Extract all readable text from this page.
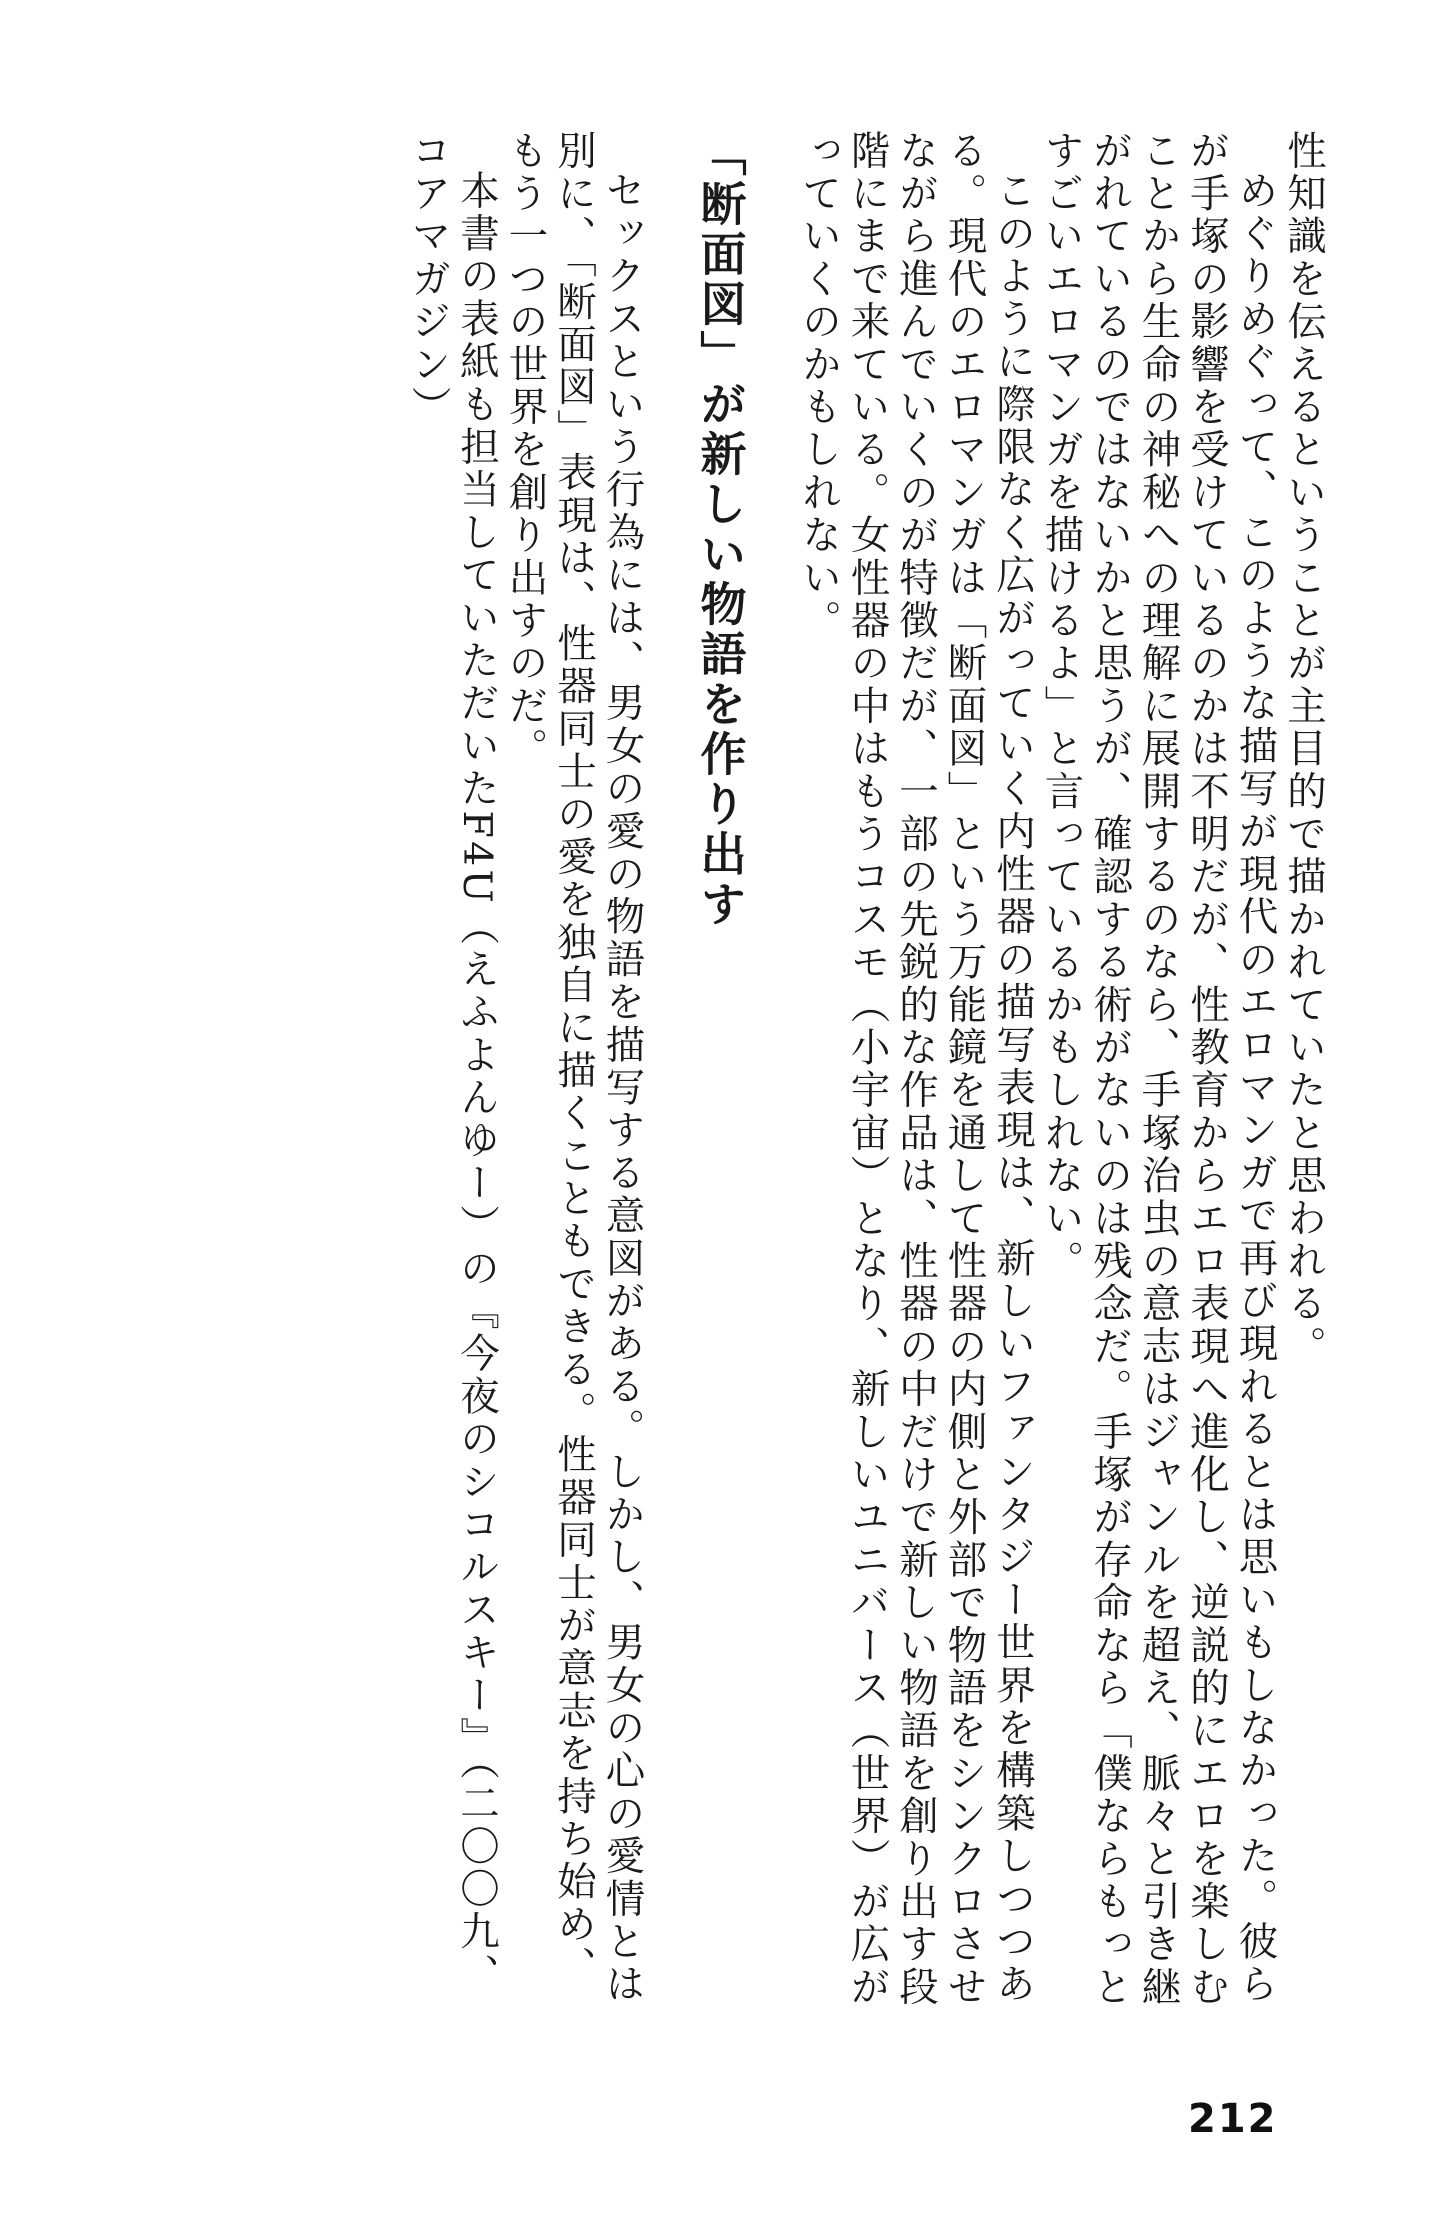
性知識を伝えるということが主目的で描かれていたと思われる。

めぐりめぐって、このような描写が現代のエロマンガで再び現れるとは思いもしなかった。彼らが手塚の影響を受けているのかは不明だが、性教育からエロ表現へ進化し、逆説的にエロを楽しむことから生命の神秘への理解に展開するのなら、手塚治虫の意志はジャンルを超え、脈々と引き継がれているのではないかと思うが、確認する術がないのは残念だ。手塚が存命なら「僕ならもっとすごいエロマンガを描けるよ」と言っているかもしれない。

このように際限なく広がっていく内性器の描写表現は、新しいファンタジー世界を構築しつつある。現代のエロマンガは「断面図」という万能鏡を通して性器の内側と外部で物語をシンクロさせながら進んでいくのが特徴だが、一部の先鋭的な作品は、性器の中だけで新しい物語を創り出す段階にまで来ている。女性器の中はもうコスモ（小宇宙）となり、新しいユニバース（世界）が広がっていくのかもしれない。

「断面図」が新しい物語を作り出す

セックスという行為には、男女の愛の物語を描写する意図がある。しかし、男女の心の愛情とは別に、「断面図」表現は、性器同士の愛を独自に描くこともできる。性器同士が意志を持ち始め、もう一つの世界を創り出すのだ。

本書の表紙も担当していただいたF4U（えふよんゆー）の『今夜のシコルスキー』（二〇〇九、コアマガジン）

212
